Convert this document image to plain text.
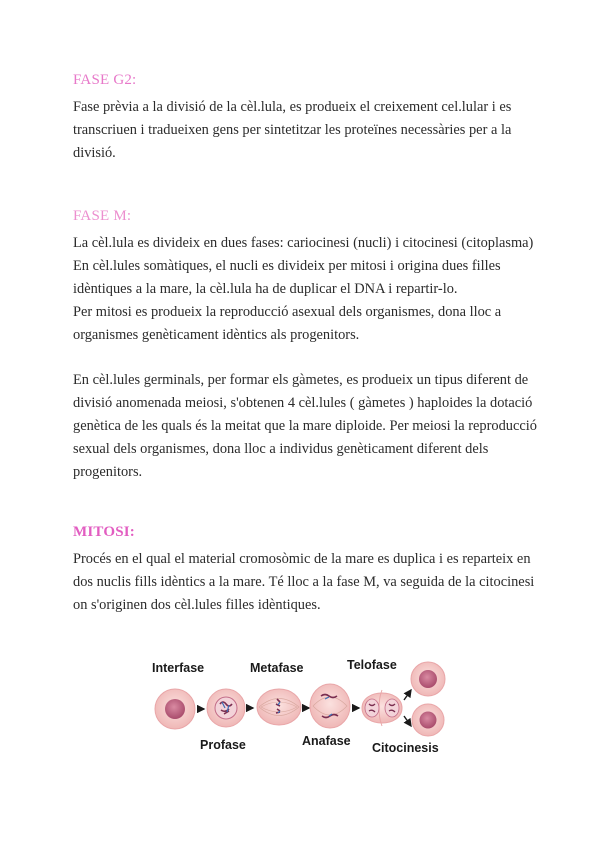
FASE G2:
Fase prèvia a la divisió de la cèl.lula, es produeix el creixement cel.lular i es
transcriuen i tradueixen gens per sintetitzar les proteïnes necessàries per a la
divisió.
FASE M:
La cèl.lula es divideix en dues fases: cariocinesi (nucli) i citocinesi (citoplasma)
En cèl.lules somàtiques, el nucli es divideix per mitosi i origina dues filles
idèntiques a la mare, la cèl.lula ha de duplicar el DNA i repartir-lo.
Per mitosi es produeix la reproducció asexual dels organismes, dona lloc a
organismes genèticament idèntics als progenitors.
En cèl.lules germinals, per formar els gàmetes, es produeix un tipus diferent de
divisió anomenada meiosi, s'obtenen 4 cèl.lules ( gàmetes ) haploides la dotació
genètica de les quals és la meitat que la mare diploide. Per meiosi la reproducció
sexual dels organismes, dona lloc a individus genèticament diferent dels
progenitors.
MITOSI:
Procés en el qual el material cromosòmic de la mare es duplica i es reparteix en
dos nuclis fills idèntics a la mare. Té lloc a la fase M, va seguida de la citocinesi
on s'originen dos cèl.lules filles idèntiques.
Interfase	Metafase	Telofase
Profase	Anafase Citocinesis
